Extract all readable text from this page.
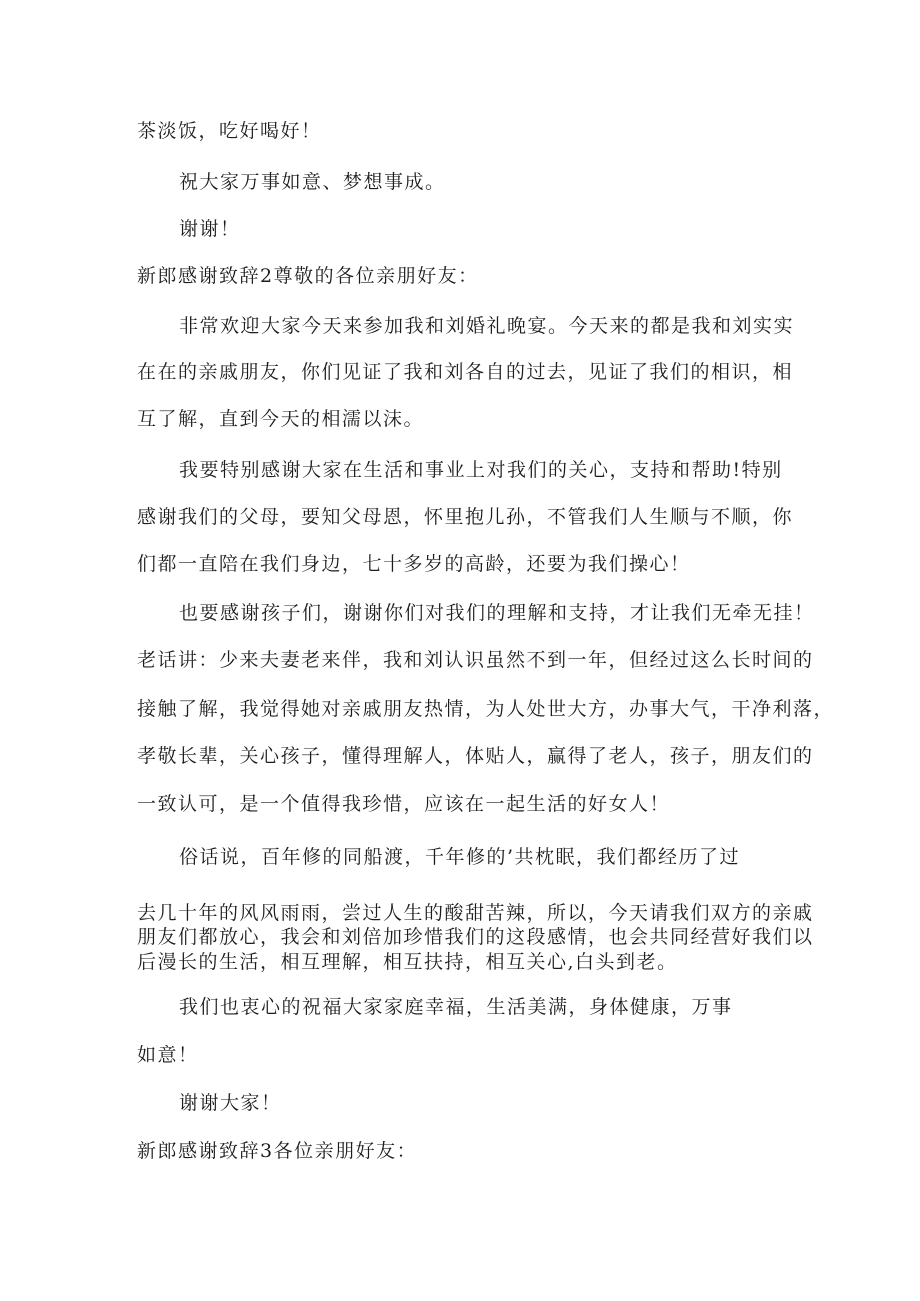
茶淡饭，吃好喝好！
祝大家万事如意、梦想事成。
谢谢！
新郎感谢致辞2尊敬的各位亲朋好友：
非常欢迎大家今天来参加我和刘婚礼晚宴。今天来的都是我和刘实实
在在的亲戚朋友，你们见证了我和刘各自的过去，见证了我们的相识，相
互了解，直到今天的相濡以沫。
我要特别感谢大家在生活和事业上对我们的关心，支持和帮助!特别
感谢我们的父母，要知父母恩，怀里抱儿孙，不管我们人生顺与不顺，你
们都一直陪在我们身边，七十多岁的高龄，还要为我们操心！
也要感谢孩子们，谢谢你们对我们的理解和支持，才让我们无牵无挂！
老话讲：少来夫妻老来伴，我和刘认识虽然不到一年，但经过这么长时间的
接触了解，我觉得她对亲戚朋友热情，为人处世大方，办事大气，干净利落，
孝敬长辈，关心孩子，懂得理解人，体贴人，赢得了老人，孩子，朋友们的
一致认可，是一个值得我珍惜，应该在一起生活的好女人！
俗话说，百年修的同船渡，千年修的’共枕眠，我们都经历了过
去几十年的风风雨雨，尝过人生的酸甜苦辣，所以，今天请我们双方的亲戚
朋友们都放心，我会和刘倍加珍惜我们的这段感情，也会共同经营好我们以
后漫长的生活，相互理解，相互扶持，相互关心,白头到老。
我们也衷心的祝福大家家庭幸福，生活美满，身体健康，万事
如意！
谢谢大家！
新郎感谢致辞3各位亲朋好友：
